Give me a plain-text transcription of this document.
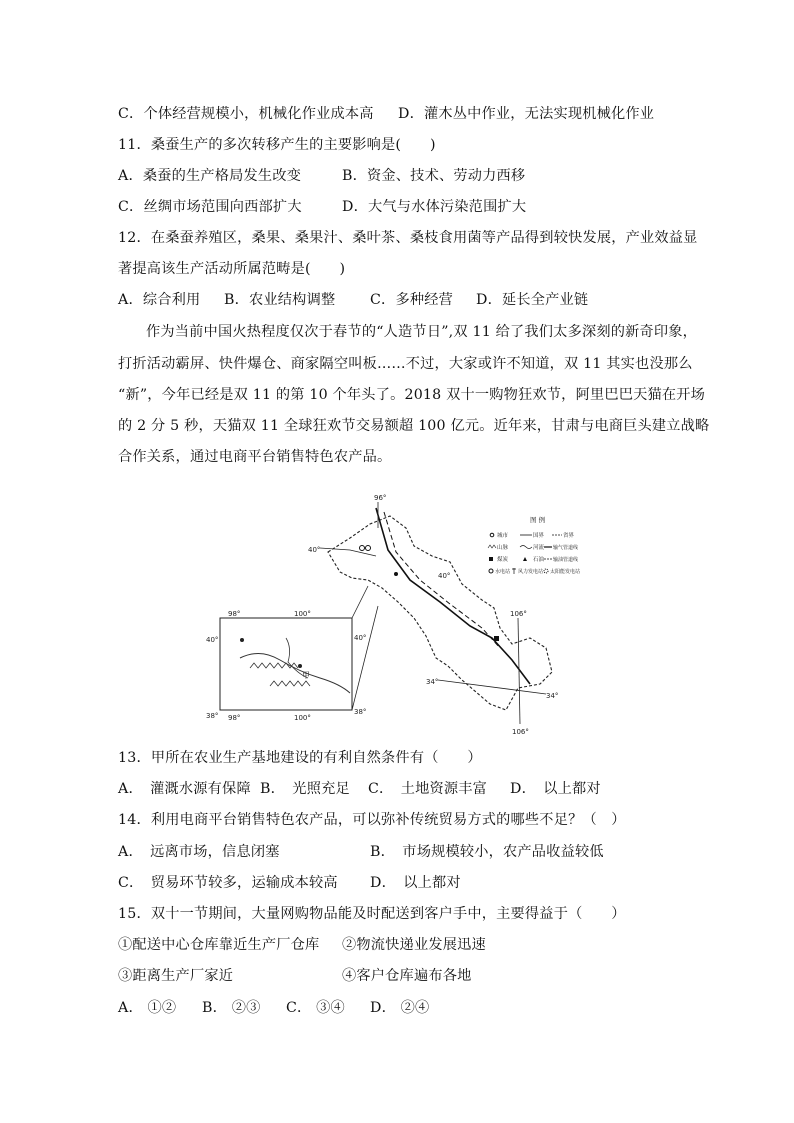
C．个体经营规模小，机械化作业成本高 D．灌木丛中作业，无法实现机械化作业
11．桑蚕生产的多次转移产生的主要影响是(　　)
A．桑蚕的生产格局发生改变	B．资金、技术、劳动力西移
C．丝绸市场范围向西部扩大	D．大气与水体污染范围扩大
12．在桑蚕养殖区，桑果、桑果汁、桑叶茶、桑枝食用菌等产品得到较快发展，产业效益显
著提高该生产活动所属范畴是(　　)
A．综合利用 B．农业结构调整 C．多种经营 D．延长全产业链
作为当前中国火热程度仅次于春节的“人造节日”,双 11 给了我们太多深刻的新奇印象，
打折活动霸屏、快件爆仓、商家隔空叫板……不过，大家或许不知道，双 11 其实也没那么
“新”，今年已经是双 11 的第 10 个年头了。2018 双十一购物狂欢节，阿里巴巴天猫在开场
的 2 分 5 秒，天猫双 11 全球狂欢节交易额超 100 亿元。近年来，甘肃与电商巨头建立战略
合作关系，通过电商平台销售特色农产品。
甲
98°	100°
40°	40°
38° 98°	100°
38°
96°
40°
40°
106°
34°
34°
106°
图 例
城市	国界	省界
山脉	河流 输气管道线
煤炭	石油 输油管道线
水电站 风力发电站 太阳能发电站
13．甲所在农业生产基地建设的有利自然条件有（　　）
A．　灌溉水源有保障 B．　光照充足 C．　土地资源丰富 D．　以上都对
14．利用电商平台销售特色农产品，可以弥补传统贸易方式的哪些不足？（　）
A．　远离市场，信息闭塞	B．　市场规模较小，农产品收益较低
C．　贸易环节较多，运输成本较高 D．　以上都对
15．双十一节期间，大量网购物品能及时配送到客户手中，主要得益于（　　）
①配送中心仓库靠近生产厂仓库 ②物流快递业发展迅速
③距离生产厂家近	④客户仓库遍布各地
A． ①② B． ②③ C． ③④ D． ②④
